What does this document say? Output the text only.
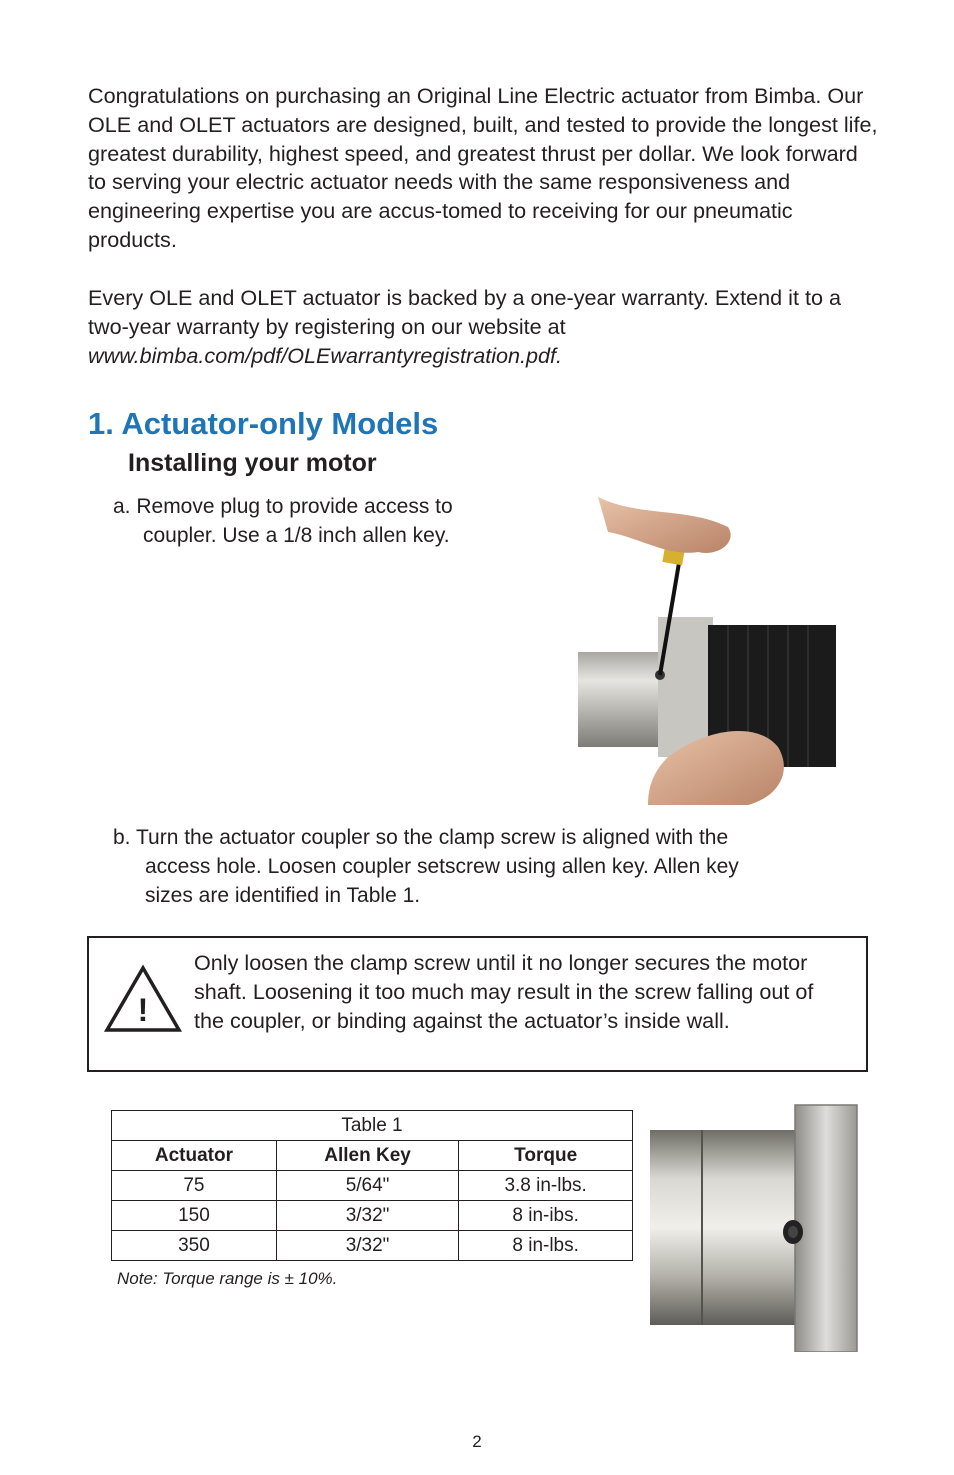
Congratulations on purchasing an Original Line Electric actuator from Bimba. Our OLE and OLET actuators are designed, built, and tested to provide the longest life, greatest durability, highest speed, and greatest thrust per dollar. We look forward to serving your electric actuator needs with the same responsiveness and engineering expertise you are accus-tomed to receiving for our pneumatic products.

Every OLE and OLET actuator is backed by a one-year warranty. Extend it to a two-year warranty by registering on our website at
www.bimba.com/pdf/OLEwarrantyregistration.pdf.

1. Actuator-only Models
Installing your motor

a. Remove plug to provide access to
coupler. Use a 1/8 inch allen key.

b. Turn the actuator coupler so the clamp screw is aligned with the
access hole. Loosen coupler setscrew using allen key. Allen key
sizes are identified in Table 1.

!

Only loosen the clamp screw until it no longer secures the motor shaft. Loosening it too much may result in the screw falling out of the coupler, or binding against the actuator’s inside wall.

Table 1		
Actuator	Allen Key	Torque
75	5/64"	3.8 in-lbs.
150	3/32"	8 in-ibs.
350	3/32"	8 in-lbs.

Note: Torque range is ± 10%.

2
